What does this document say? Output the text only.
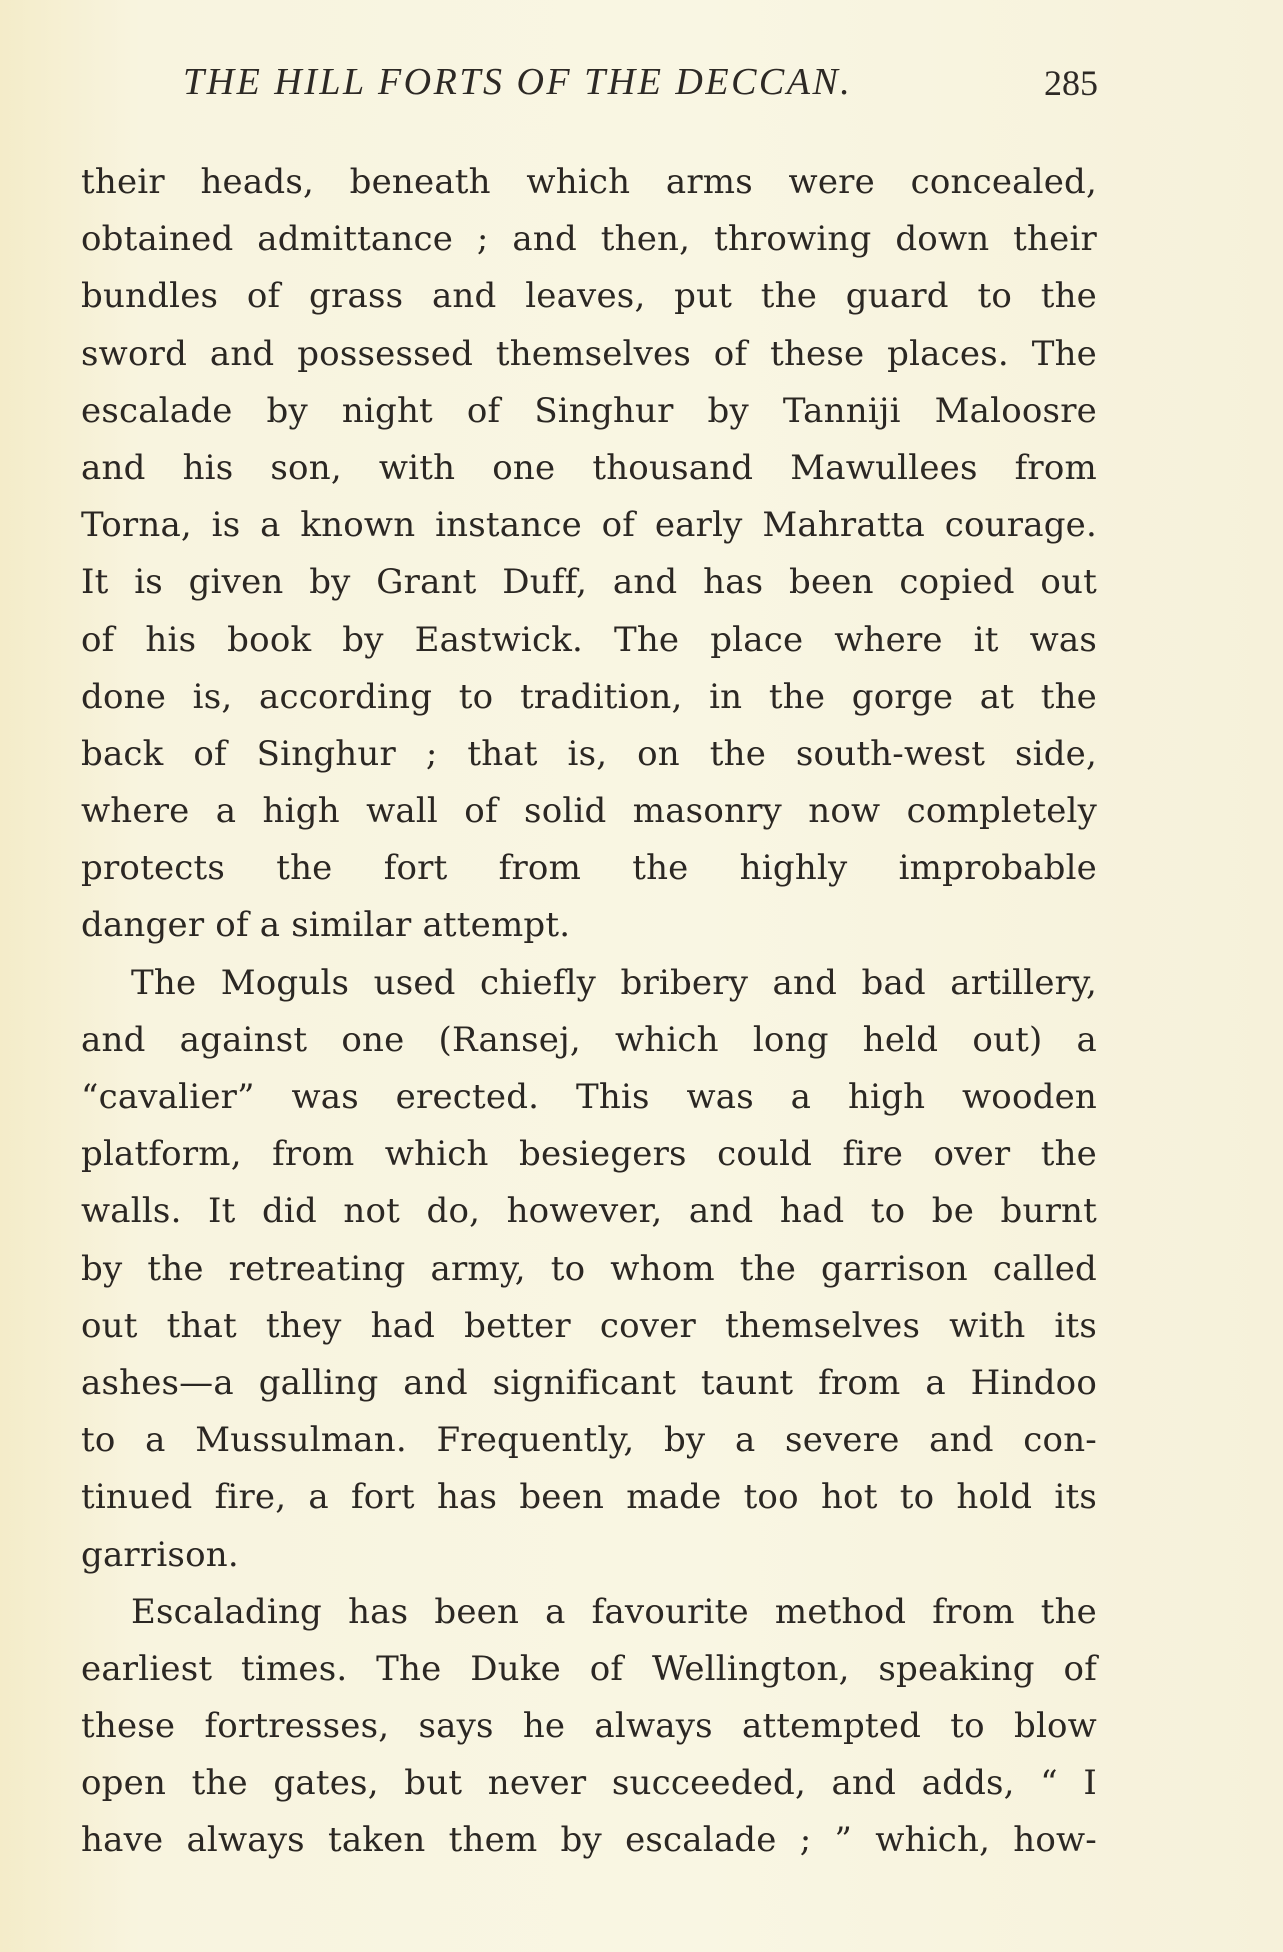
THE HILL FORTS OF THE DECCAN.	285
their heads, beneath which arms were concealed,
obtained admittance ; and then, throwing down their
bundles of grass and leaves, put the guard to the
sword and possessed themselves of these places. The
escalade by night of Singhur by Tanniji Maloosre
and his son, with one thousand Mawullees from
Torna, is a known instance of early Mahratta courage.
It is given by Grant Duff, and has been copied out
of his book by Eastwick. The place where it was
done is, according to tradition, in the gorge at the
back of Singhur ; that is, on the south-west side,
where a high wall of solid masonry now completely
protects the fort from the highly improbable
danger of a similar attempt.
The Moguls used chiefly bribery and bad artillery,
and against one (Ransej, which long held out) a
“cavalier” was erected. This was a high wooden
platform, from which besiegers could fire over the
walls. It did not do, however, and had to be burnt
by the retreating army, to whom the garrison called
out that they had better cover themselves with its
ashes—a galling and significant taunt from a Hindoo
to a Mussulman. Frequently, by a severe and con-
tinued fire, a fort has been made too hot to hold its
garrison.
Escalading has been a favourite method from the
earliest times. The Duke of Wellington, speaking of
these fortresses, says he always attempted to blow
open the gates, but never succeeded, and adds, “ I
have always taken them by escalade ; ” which, how-
